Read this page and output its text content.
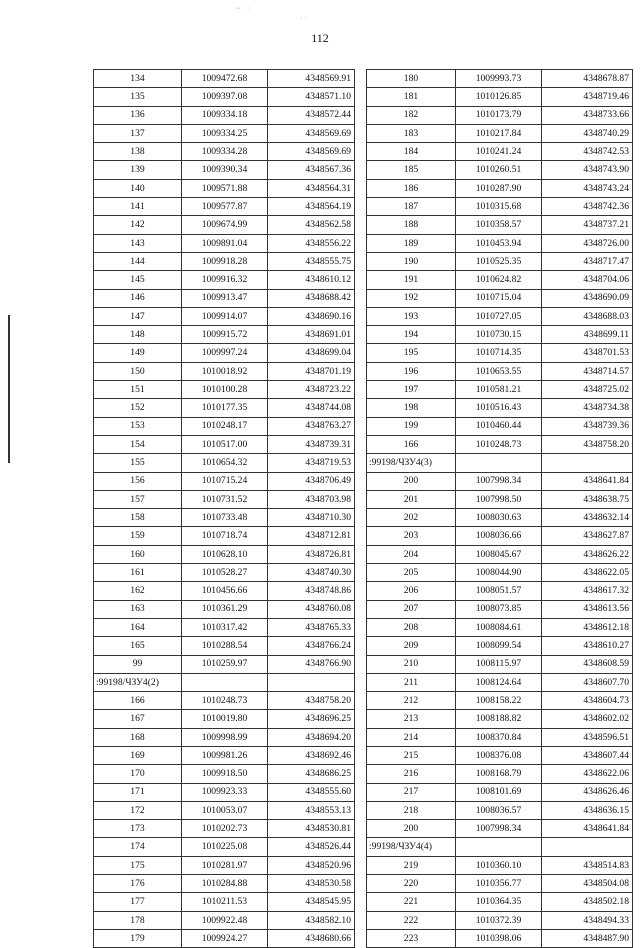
112
~ · ·
· ·
134	1009472.68	4348569.91
135	1009397.08	4348571.10
136	1009334.18	4348572.44
137	1009334.25	4348569.69
138	1009334.28	4348569.69
139	1009390.34	4348567.36
140	1009571.88	4348564.31
141	1009577.87	4348564.19
142	1009674.99	4348562.58
143	1009891.04	4348556.22
144	1009918.28	4348555.75
145	1009916.32	4348610.12
146	1009913.47	4348688.42
147	1009914.07	4348690.16
148	1009915.72	4348691.01
149	1009997.24	4348699.04
150	1010018.92	4348701.19
151	1010100.28	4348723.22
152	1010177.35	4348744.08
153	1010248.17	4348763.27
154	1010517.00	4348739.31
155	1010654.32	4348719.53
156	1010715.24	4348706.49
157	1010731.52	4348703.98
158	1010733.48	4348710.30
159	1010718.74	4348712.81
160	1010628.10	4348726.81
161	1010528.27	4348740.30
162	1010456.66	4348748.86
163	1010361.29	4348760.08
164	1010317.42	4348765.33
165	1010288.54	4348766.24
99	1010259.97	4348766.90
:99198/ЧЗУ4(2)		
166	1010248.73	4348758.20
167	1010019.80	4348696.25
168	1009998.99	4348694.20
169	1009981.26	4348692.46
170	1009918.50	4348686.25
171	1009923.33	4348555.60
172	1010053.07	4348553.13
173	1010202.73	4348530.81
174	1010225.08	4348526.44
175	1010281.97	4348520.96
176	1010284.88	4348530.58
177	1010211.53	4348545.95
178	1009922.48	4348582.10
179	1009924.27	4348680.66
180	1009993.73	4348678.87
181	1010126.85	4348719.46
182	1010173.79	4348733.66
183	1010217.84	4348740.29
184	1010241.24	4348742.53
185	1010260.51	4348743.90
186	1010287.90	4348743.24
187	1010315.68	4348742.36
188	1010358.57	4348737.21
189	1010453.94	4348726.00
190	1010525.35	4348717.47
191	1010624.82	4348704.06
192	1010715.04	4348690.09
193	1010727.05	4348688.03
194	1010730.15	4348699.11
195	1010714.35	4348701.53
196	1010653.55	4348714.57
197	1010581.21	4348725.02
198	1010516.43	4348734.38
199	1010460.44	4348739.36
166	1010248.73	4348758.20
:99198/ЧЗУ4(3)		
200	1007998.34	4348641.84
201	1007998.50	4348638.75
202	1008030.63	4348632.14
203	1008036.66	4348627.87
204	1008045.67	4348626.22
205	1008044.90	4348622.05
206	1008051.57	4348617.32
207	1008073.85	4348613.56
208	1008084.61	4348612.18
209	1008099.54	4348610.27
210	1008115.97	4348608.59
211	1008124.64	4348607.70
212	1008158.22	4348604.73
213	1008188.82	4348602.02
214	1008370.84	4348596.51
215	1008376.08	4348607.44
216	1008168.79	4348622.06
217	1008101.69	4348626.46
218	1008036.57	4348636.15
200	1007998.34	4348641.84
:99198/ЧЗУ4(4)		
219	1010360.10	4348514.83
220	1010356.77	4348504.08
221	1010364.35	4348502.18
222	1010372.39	4348494.33
223	1010398.06	4348487.90
